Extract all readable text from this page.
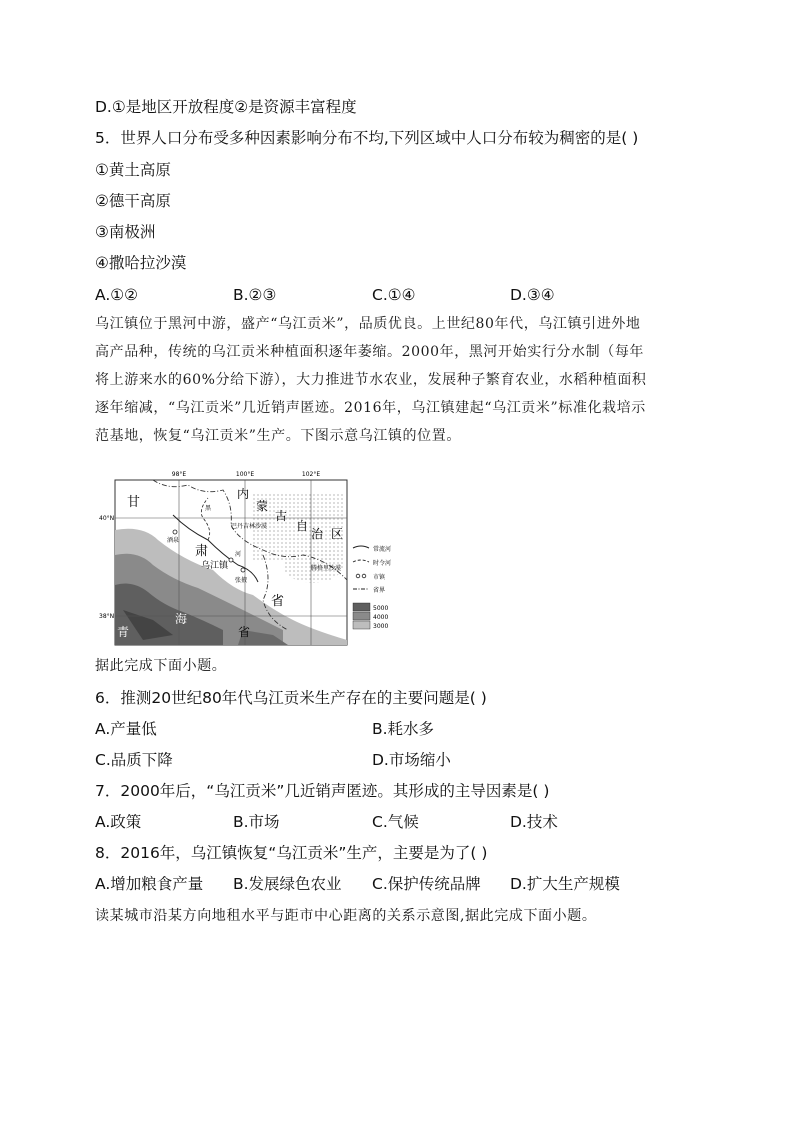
D.①是地区开放程度②是资源丰富程度
5．世界人口分布受多种因素影响分布不均,下列区域中人口分布较为稠密的是( )
①黄土高原
②德干高原
③南极洲
④撒哈拉沙漠
A.①②	B.②③	C.①④	D.③④
乌江镇位于黑河中游，盛产“乌江贡米”，品质优良。上世纪80年代，乌江镇引进外地
高产品种，传统的乌江贡米种植面积逐年萎缩。2000年，黑河开始实行分水制（每年
将上游来水的60%分给下游），大力推进节水农业，发展种子繁育农业，水稻种植面积
逐年缩减，“乌江贡米”几近销声匿迹。2016年，乌江镇建起“乌江贡米”标准化栽培示
范基地，恢复“乌江贡米”生产。下图示意乌江镇的位置。
98°E	100°E	102°E
甘
肃
省
内
蒙
古
自
治 区
青
海
省
酒泉
乌江镇
张掖
巴丹吉林沙漠
腾格里沙漠
黑
河
40°N
38°N
常流河
时令河
市镇
省界
5000
4000
3000
据此完成下面小题。
6．推测20世纪80年代乌江贡米生产存在的主要问题是( )
A.产量低	B.耗水多
C.品质下降	D.市场缩小
7．2000年后，“乌江贡米”几近销声匿迹。其形成的主导因素是( )
A.政策	B.市场	C.气候	D.技术
8．2016年，乌江镇恢复“乌江贡米”生产，主要是为了( )
A.增加粮食产量 B.发展绿色农业 C.保护传统品牌 D.扩大生产规模
读某城市沿某方向地租水平与距市中心距离的关系示意图,据此完成下面小题。
